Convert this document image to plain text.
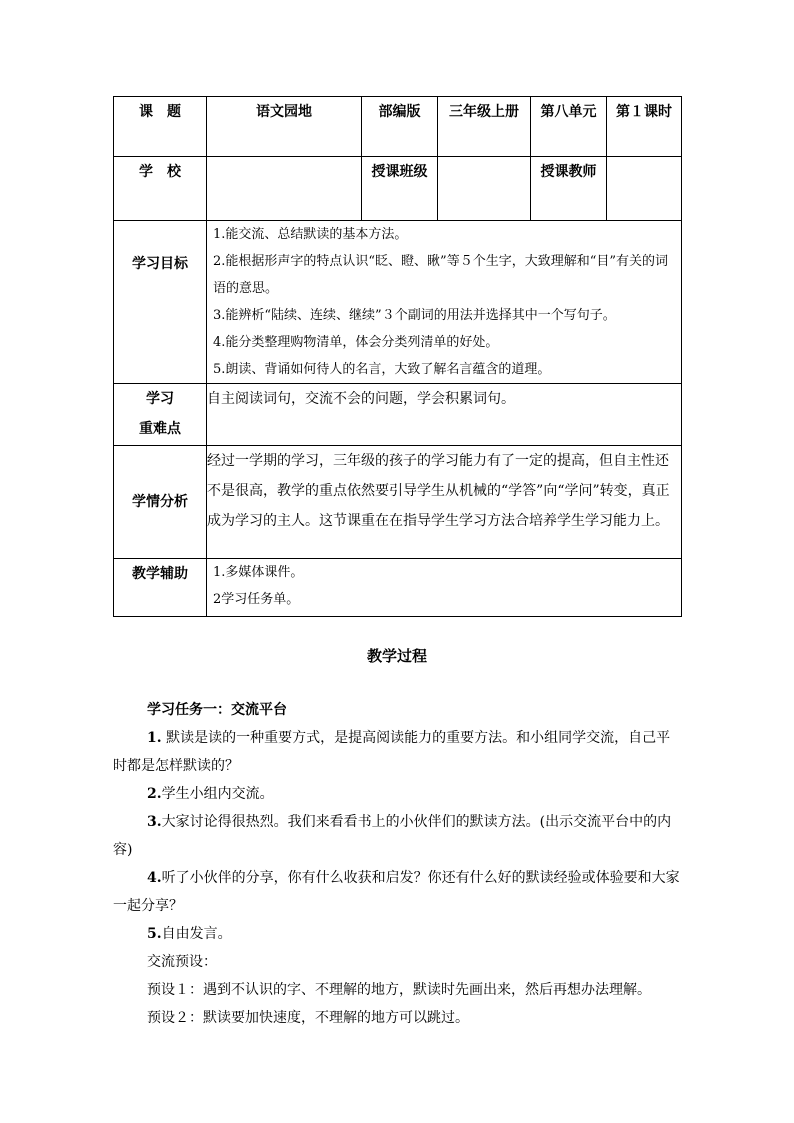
课　题	语文园地	部编版	三年级上册	第八单元	第１课时
学　校		授课班级		授课教师	
学习目标	1.能交流、总结默读的基本方法。
2.能根据形声字的特点认识“眨、瞪、瞅”等５个生字，大致理解和“目”有关的词语的意思。
3.能辨析“陆续、连续、继续”３个副词的用法并选择其中一个写句子。
4.能分类整理购物清单，体会分类列清单的好处。
5.朗读、背诵如何待人的名言，大致了解名言蕴含的道理。				

学习
重难点	自主阅读词句，交流不会的问题，学会积累词句。				
学情分析	经过一学期的学习，三年级的孩子的学习能力有了一定的提高，但自主性还不是很高，教学的重点依然要引导学生从机械的“学答”向“学问”转变，真正成为学习的主人。这节课重在在指导学生学习方法合培养学生学习能力上。				
教学辅助	1.多媒体课件。
2学习任务单。				
教学过程

学习任务一：交流平台

1. 默读是读的一种重要方式，是提高阅读能力的重要方法。和小组同学交流，自己平时都是怎样默读的？

2.学生小组内交流。

3.大家讨论得很热烈。我们来看看书上的小伙伴们的默读方法。(出示交流平台中的内容)

4.听了小伙伴的分享，你有什么收获和启发？你还有什么好的默读经验或体验要和大家一起分享？

5.自由发言。

交流预设：

预设１：遇到不认识的字、不理解的地方，默读时先画出来，然后再想办法理解。

预设２：默读要加快速度，不理解的地方可以跳过。
